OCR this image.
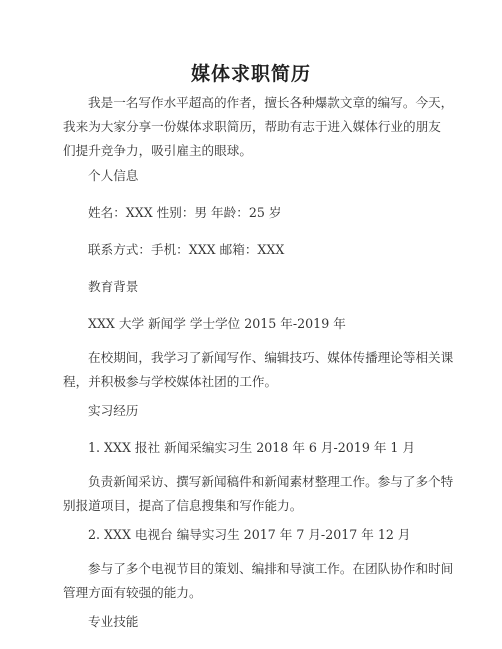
媒体求职简历
我是一名写作水平超高的作者，擅长各种爆款文章的编写。今天，
我来为大家分享一份媒体求职简历，帮助有志于进入媒体行业的朋友
们提升竞争力，吸引雇主的眼球。
个人信息
姓名：XXX 性别：男 年龄：25 岁
联系方式：手机：XXX 邮箱：XXX
教育背景
XXX 大学 新闻学 学士学位 2015 年-2019 年
在校期间，我学习了新闻写作、编辑技巧、媒体传播理论等相关课
程，并积极参与学校媒体社团的工作。
实习经历
1. XXX 报社 新闻采编实习生 2018 年 6 月-2019 年 1 月
负责新闻采访、撰写新闻稿件和新闻素材整理工作。参与了多个特
别报道项目，提高了信息搜集和写作能力。
2. XXX 电视台 编导实习生 2017 年 7 月-2017 年 12 月
参与了多个电视节目的策划、编排和导演工作。在团队协作和时间
管理方面有较强的能力。
专业技能
